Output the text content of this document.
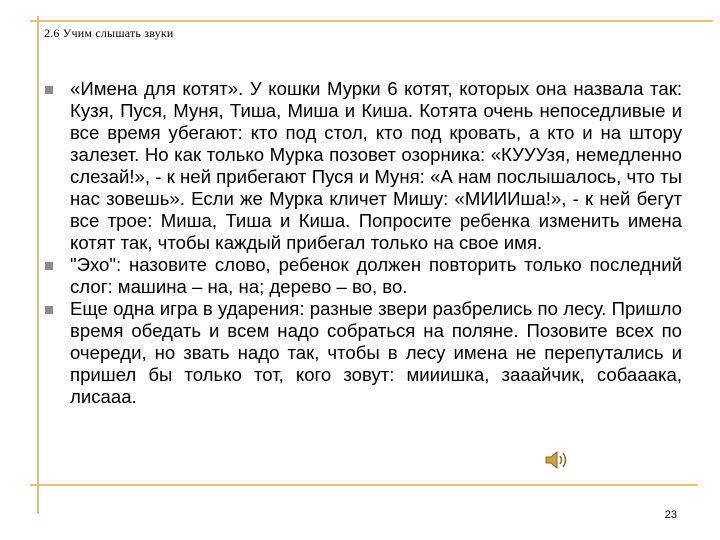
2.6 Учим слышать звуки
«Имена для котят». У кошки Мурки 6 котят, которых она назвала так: Кузя, Пуся, Муня, Тиша, Миша и Киша. Котята очень непоседливые и все время убегают: кто под стол, кто под кровать, а кто и на штору залезет. Но как только Мурка позовет озорника: «КУУУзя, немедленно слезай!», - к ней прибегают Пуся и Муня: «А нам послышалось, что ты нас зовешь». Если же Мурка кличет Мишу: «МИИИша!», - к ней бегут все трое: Миша, Тиша и Киша. Попросите ребенка изменить имена котят так, чтобы каждый прибегал только на свое имя.
"Эхо": назовите слово, ребенок должен повторить только последний слог: машина – на, на; дерево – во, во.
Еще одна игра в ударения: разные звери разбрелись по лесу. Пришло время обедать и всем надо собраться на поляне. Позовите всех по очереди, но звать надо так, чтобы в лесу имена не перепутались и пришел бы только тот, кого зовут: мииишка, зааайчик, собааака, лисааа.
23
